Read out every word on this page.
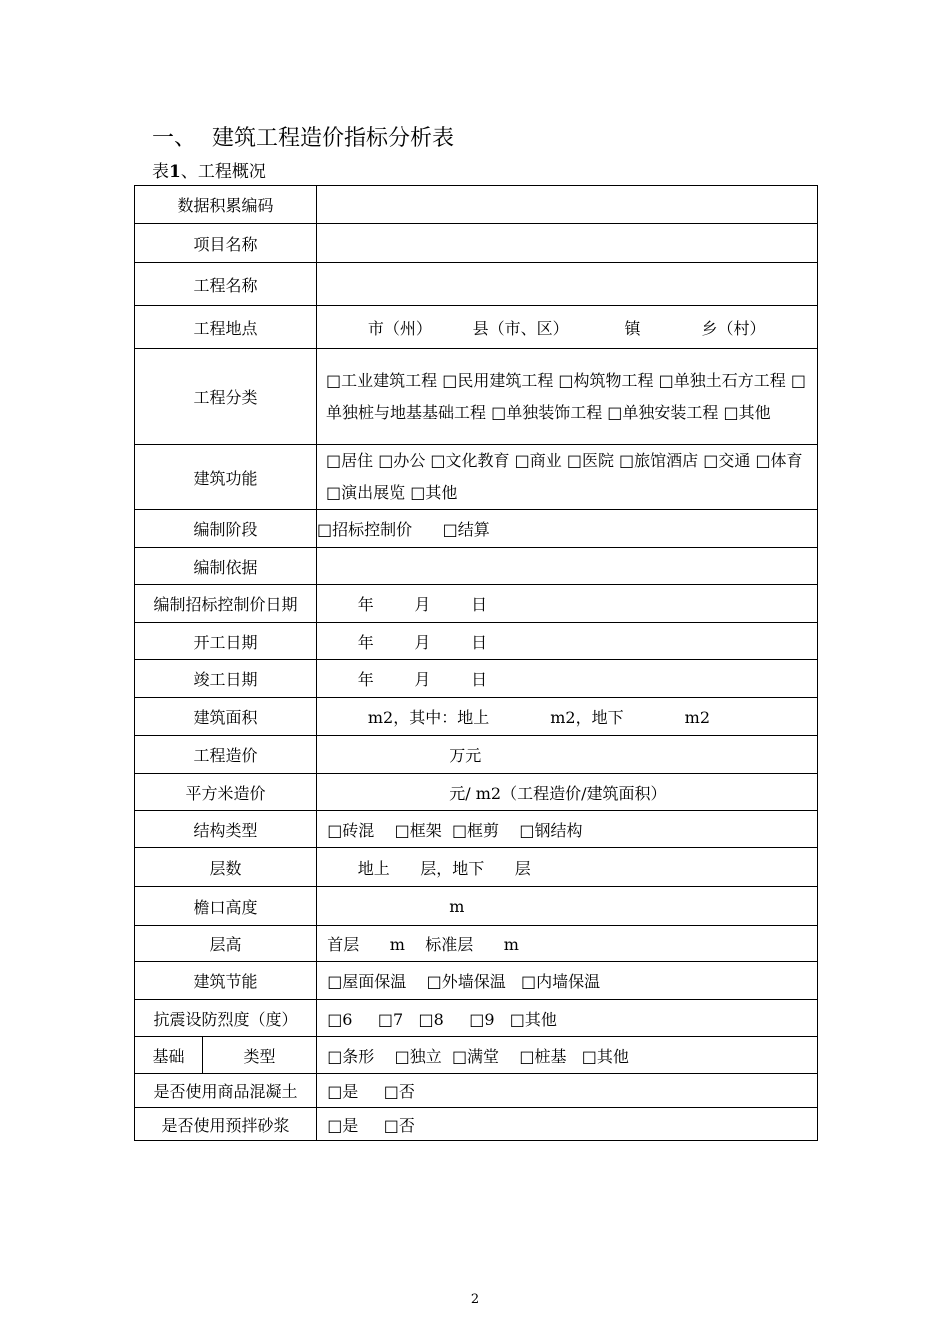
一、 建筑工程造价指标分析表
表1、工程概况
数据积累编码		
项目名称		
工程名称		
工程地点		市（州）        县（市、区）           镇            乡（村）
工程分类		□工业建筑工程 □民用建筑工程 □构筑物工程 □单独土石方工程 □单独桩与地基基础工程 □单独装饰工程 □单独安装工程 □其他
建筑功能		□居住 □办公 □文化教育 □商业 □医院 □旅馆酒店 □交通 □体育 □演出展览 □其他
编制阶段		□招标控制价      □结算
编制依据		
编制招标控制价日期		年        月        日
开工日期		年        月        日
竣工日期		年        月        日
建筑面积		m2，其中：地上            m2，地下            m2
工程造价		万元
平方米造价		元/ m2（工程造价/建筑面积）
结构类型		□砖混    □框架  □框剪    □钢结构
层数		地上      层，地下      层
檐口高度		m
层高		首层      m    标准层      m
建筑节能		□屋面保温    □外墙保温   □内墙保温
抗震设防烈度（度）		□6     □7   □8     □9   □其他
基础	类型	□条形    □独立  □满堂    □桩基   □其他
是否使用商品混凝土		□是     □否
是否使用预拌砂浆		□是     □否
2
